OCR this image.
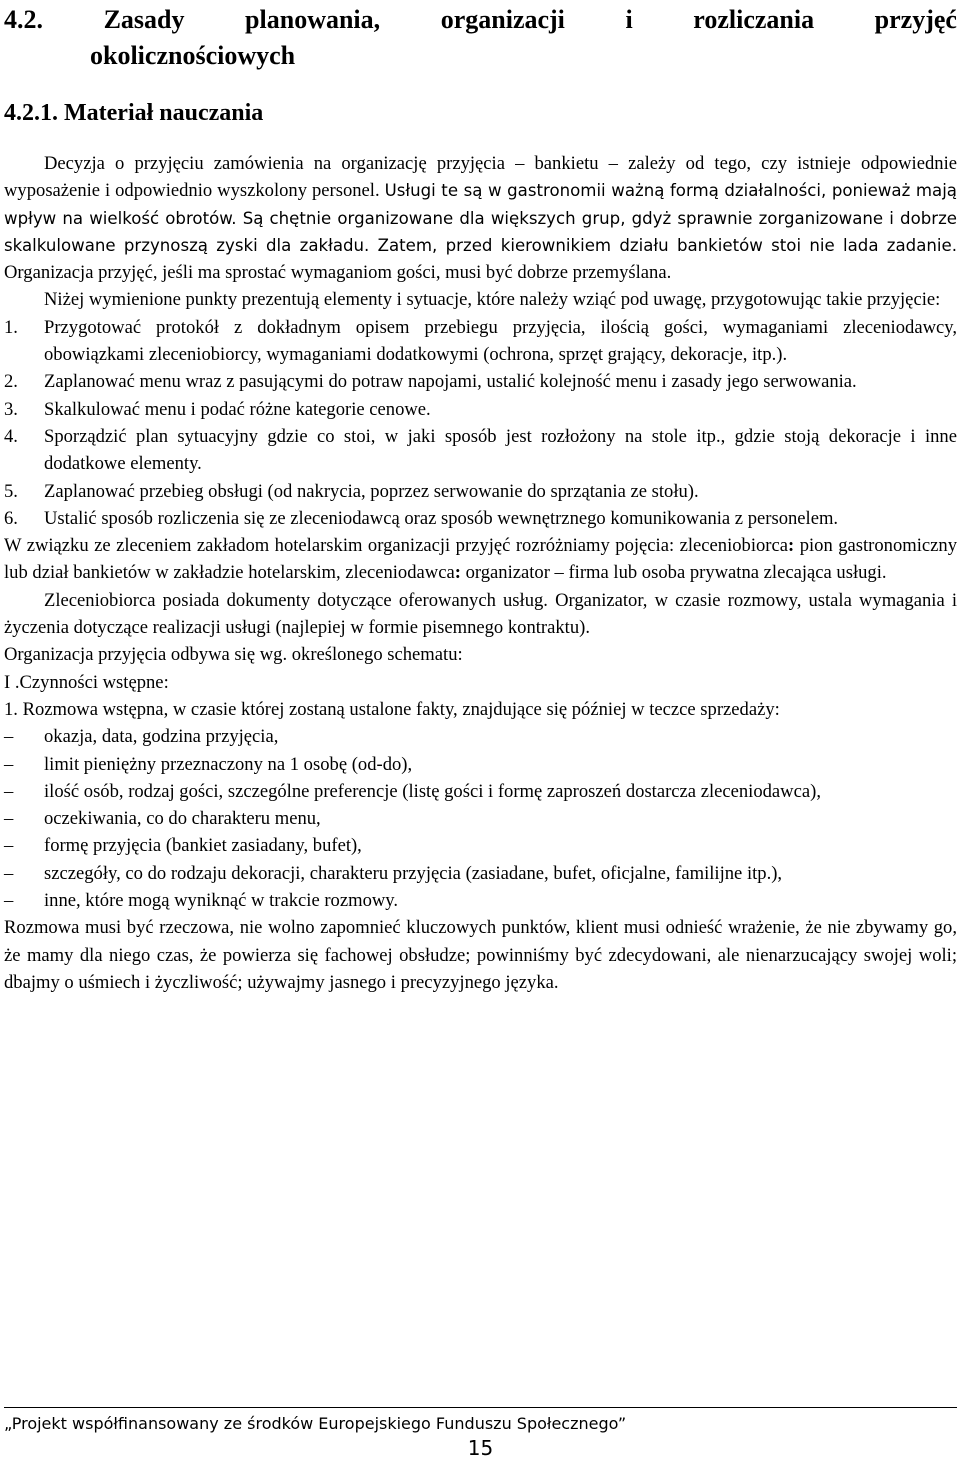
4.2. Zasady planowania, organizacji i rozliczania przyjęć
okolicznościowych
4.2.1. Materiał nauczania

Decyzja o przyjęciu zamówienia na organizację przyjęcia – bankietu – zależy od tego, czy istnieje odpowiednie wyposażenie i odpowiednio wyszkolony personel. Usługi te są w gastronomii ważną formą działalności, ponieważ mają wpływ na wielkość obrotów. Są chętnie organizowane dla większych grup, gdyż sprawnie zorganizowane i dobrze skalkulowane przynoszą zyski dla zakładu. Zatem, przed kierownikiem działu bankietów stoi nie lada zadanie. Organizacja przyjęć, jeśli ma sprostać wymaganiom gości, musi być dobrze przemyślana.

Niżej wymienione punkty prezentują elementy i sytuacje, które należy wziąć pod uwagę, przygotowując takie przyjęcie:

1.	Przygotować protokół z dokładnym opisem przebiegu przyjęcia, ilością gości, wymaganiami zleceniodawcy, obowiązkami zleceniobiorcy, wymaganiami dodatkowymi (ochrona, sprzęt grający, dekoracje, itp.).
2.	Zaplanować menu wraz z pasującymi do potraw napojami, ustalić kolejność menu i zasady jego serwowania.
3.	Skalkulować menu i podać różne kategorie cenowe.
4.	Sporządzić plan sytuacyjny gdzie co stoi, w jaki sposób jest rozłożony na stole itp., gdzie stoją dekoracje i inne dodatkowe elementy.
5.	Zaplanować przebieg obsługi (od nakrycia, poprzez serwowanie do sprzątania ze stołu).
6.	Ustalić sposób rozliczenia się ze zleceniodawcą oraz sposób wewnętrznego komunikowania z personelem.

W związku ze zleceniem zakładom hotelarskim organizacji przyjęć rozróżniamy pojęcia: zleceniobiorca: pion gastronomiczny lub dział bankietów w zakładzie hotelarskim, zleceniodawca: organizator – firma lub osoba prywatna zlecająca usługi.

Zleceniobiorca posiada dokumenty dotyczące oferowanych usług. Organizator, w czasie rozmowy, ustala wymagania i życzenia dotyczące realizacji usługi (najlepiej w formie pisemnego kontraktu).

Organizacja przyjęcia odbywa się wg. określonego schematu:

I .Czynności wstępne:

1. Rozmowa wstępna, w czasie której zostaną ustalone fakty, znajdujące się później w teczce sprzedaży:

–	okazja, data, godzina przyjęcia,
–	limit pieniężny przeznaczony na 1 osobę (od-do),
–	ilość osób, rodzaj gości, szczególne preferencje (listę gości i formę zaproszeń dostarcza zleceniodawca),
–	oczekiwania, co do charakteru menu,
–	formę przyjęcia (bankiet zasiadany, bufet),
–	szczegóły, co do rodzaju dekoracji, charakteru przyjęcia (zasiadane, bufet, oficjalne, familijne itp.),
–	inne, które mogą wyniknąć w trakcie rozmowy.

Rozmowa musi być rzeczowa, nie wolno zapomnieć kluczowych punktów, klient musi odnieść wrażenie, że nie zbywamy go, że mamy dla niego czas, że powierza się fachowej obsłudze; powinniśmy być zdecydowani, ale nienarzucający swojej woli; dbajmy o uśmiech i życzliwość; używajmy jasnego i precyzyjnego języka.

„Projekt współfinansowany ze środków Europejskiego Funduszu Społecznego”
15
